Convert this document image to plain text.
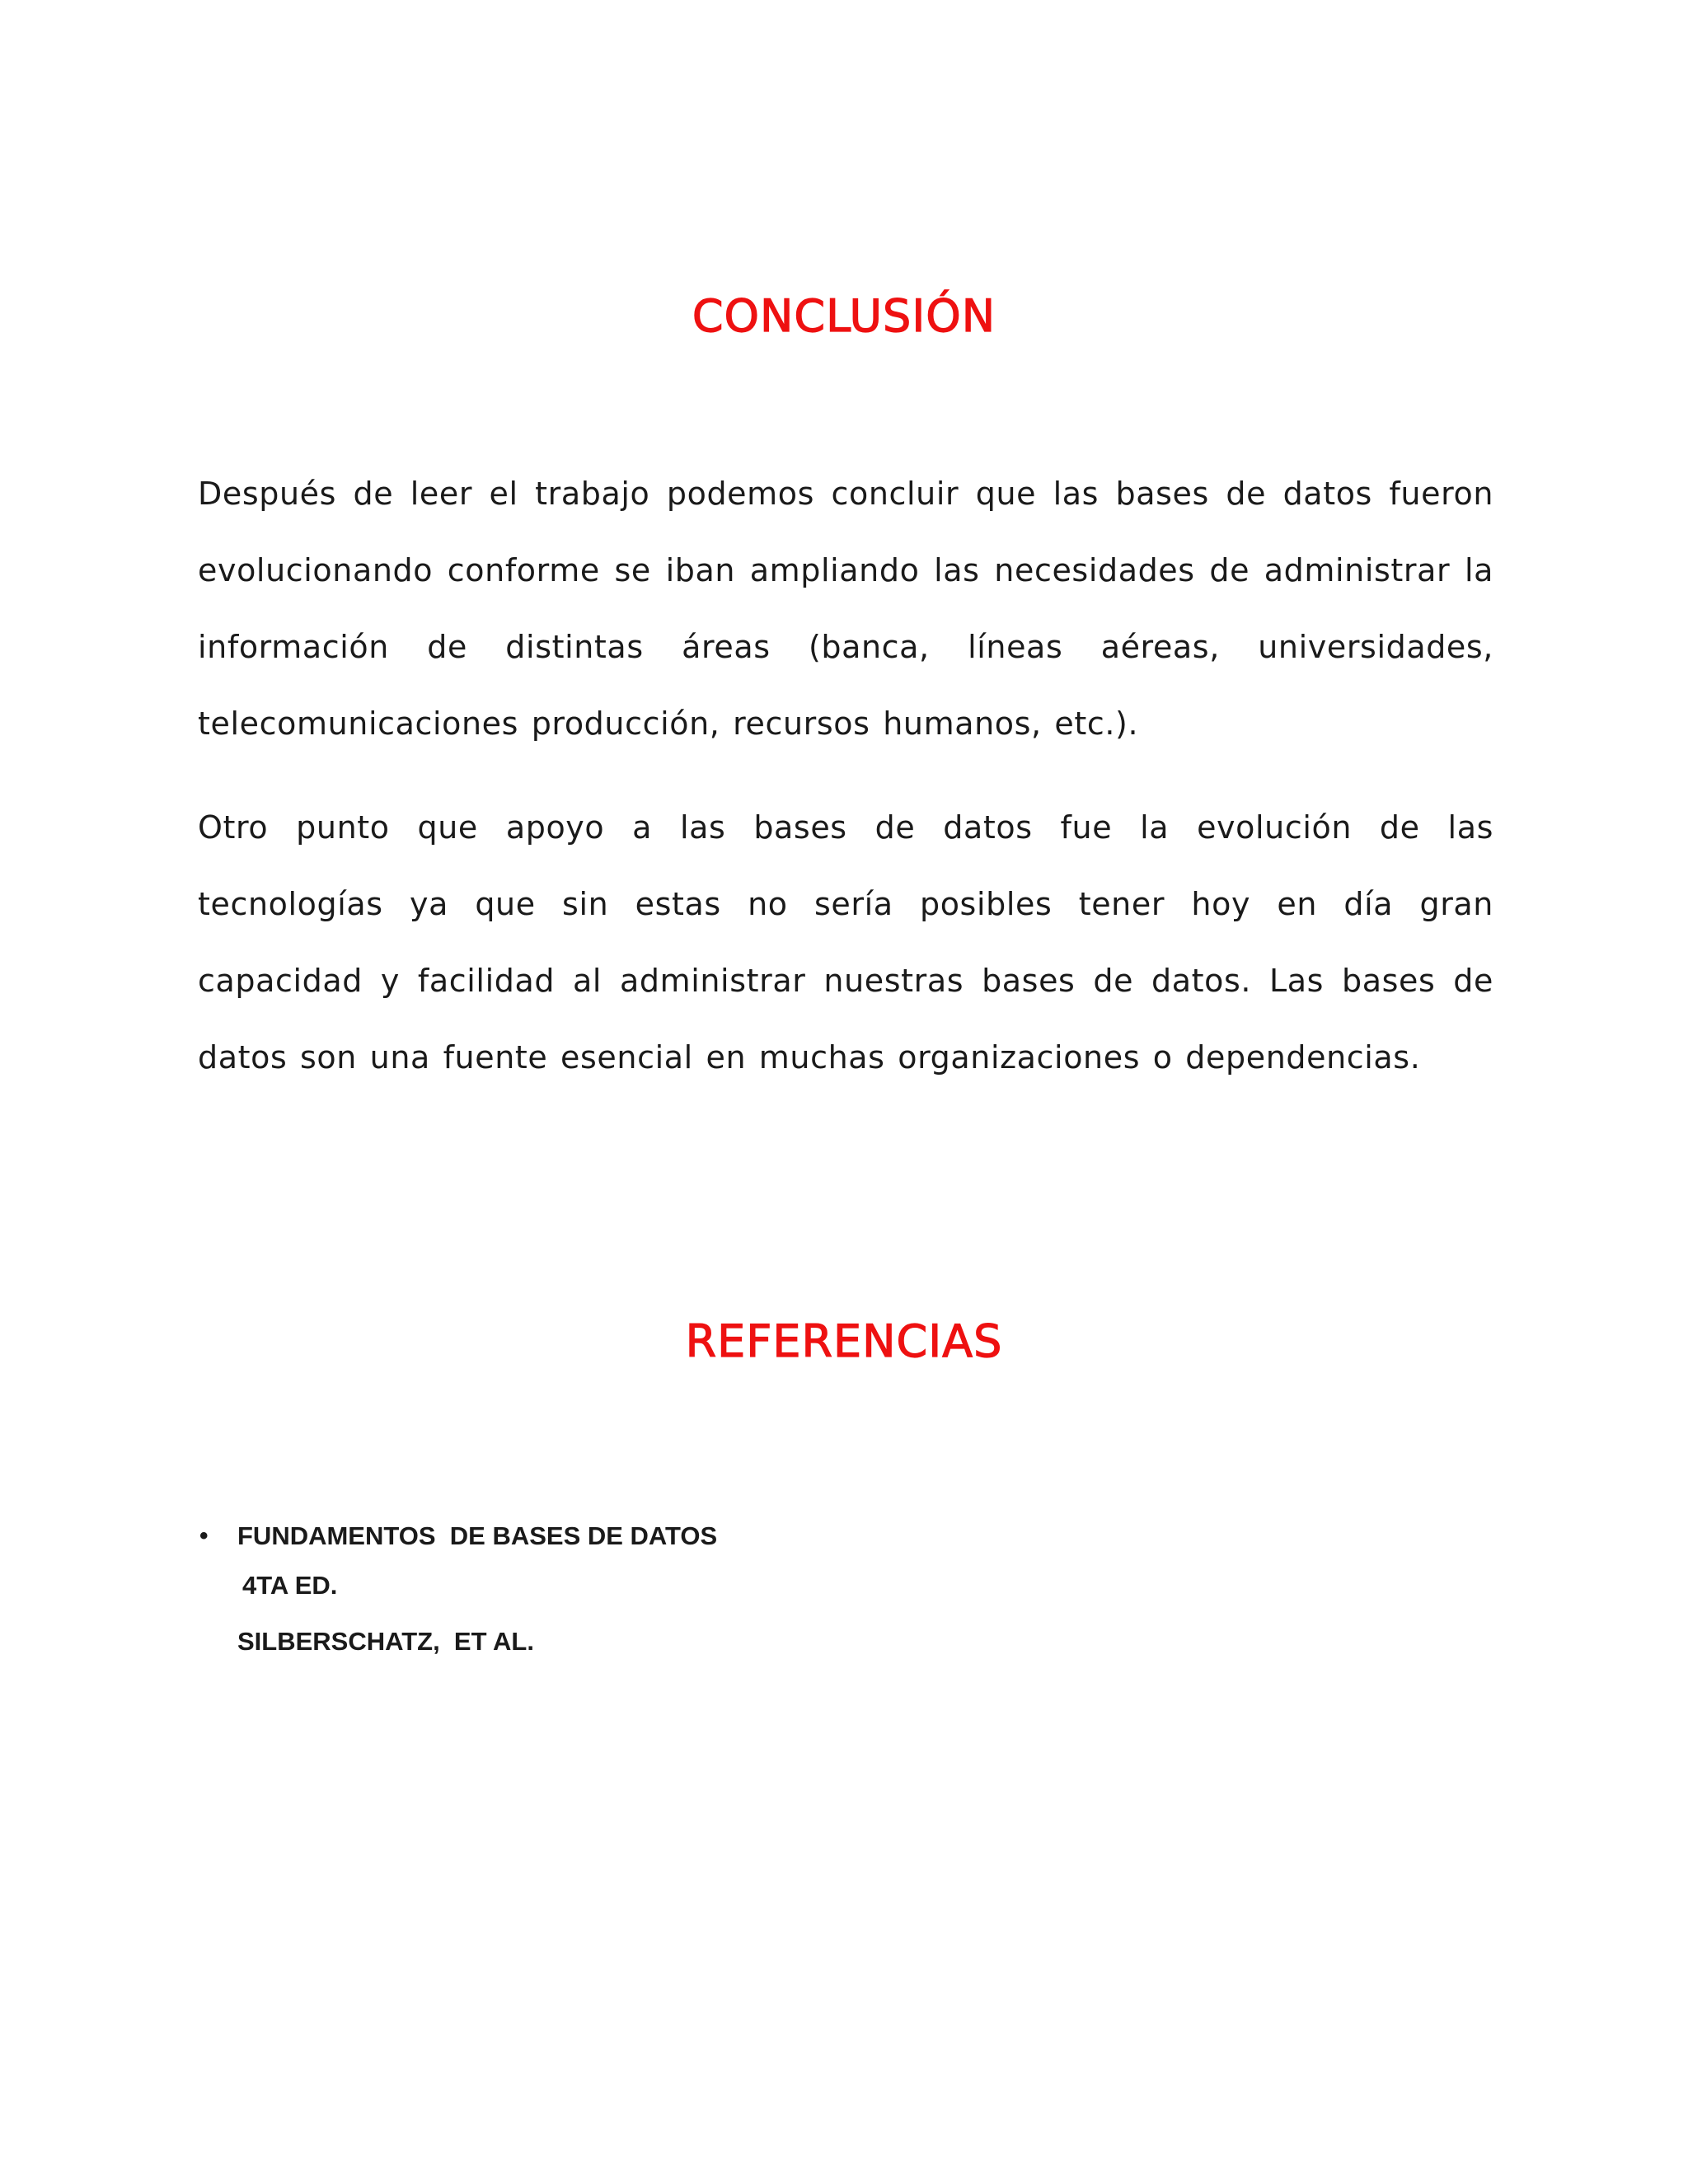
CONCLUSIÓN

Después de leer el trabajo podemos concluir que las bases de datos fueron evolucionando conforme se iban ampliando las necesidades de administrar la información de distintas áreas (banca, líneas aéreas, universidades, telecomunicaciones producción, recursos humanos, etc.).

Otro punto que apoyo a las bases de datos fue la evolución de las tecnologías ya que sin estas no sería posibles tener hoy en día gran capacidad y facilidad al administrar nuestras bases de datos. Las bases de datos son una fuente esencial en muchas organizaciones o dependencias.

REFERENCIAS
• FUNDAMENTOS  DE BASES DE DATOS
4TA ED.
SILBERSCHATZ,  ET AL.
